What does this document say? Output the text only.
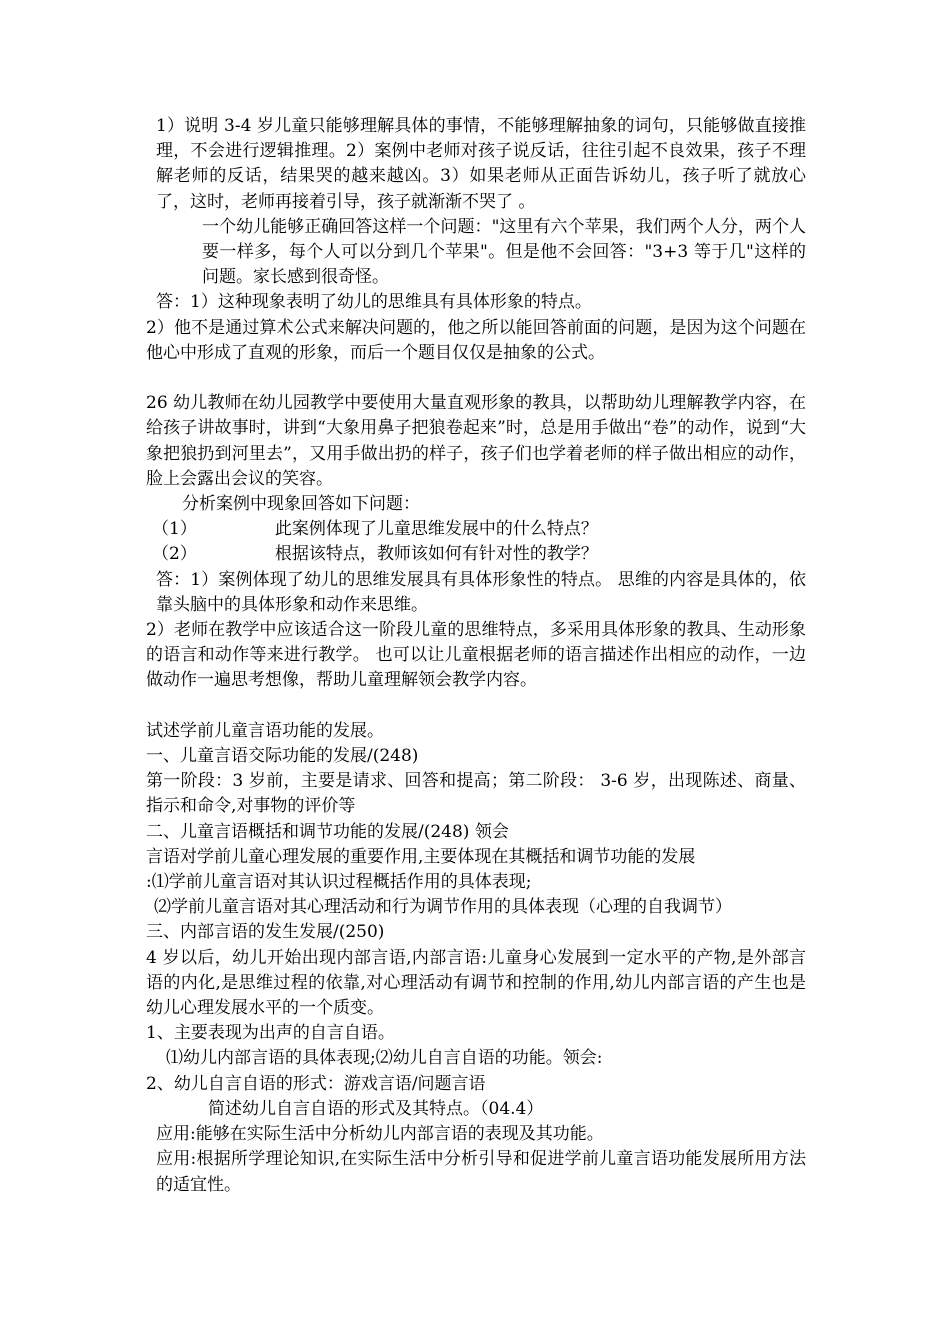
1）说明 3-4 岁儿童只能够理解具体的事情，不能够理解抽象的词句，只能够做直接推理，不会进行逻辑推理。2）案例中老师对孩子说反话，往往引起不良效果，孩子不理解老师的反话，结果哭的越来越凶。3）如果老师从正面告诉幼儿，孩子听了就放心了，这时，老师再接着引导，孩子就渐渐不哭了 。

一个幼儿能够正确回答这样一个问题："这里有六个苹果，我们两个人分，两个人要一样多，每个人可以分到几个苹果"。但是他不会回答："3+3 等于几"这样的问题。家长感到很奇怪。

答：1）这种现象表明了幼儿的思维具有具体形象的特点。

2）他不是通过算术公式来解决问题的，他之所以能回答前面的问题，是因为这个问题在他心中形成了直观的形象，而后一个题目仅仅是抽象的公式。

26 幼儿教师在幼儿园教学中要使用大量直观形象的教具，以帮助幼儿理解教学内容，在给孩子讲故事时，讲到“大象用鼻子把狼卷起来”时，总是用手做出“卷”的动作，说到“大象把狼扔到河里去”，又用手做出扔的样子，孩子们也学着老师的样子做出相应的动作，脸上会露出会议的笑容。

分析案例中现象回答如下问题：

（1）	此案例体现了儿童思维发展中的什么特点？

（2）	根据该特点，教师该如何有针对性的教学？

答：1）案例体现了幼儿的思维发展具有具体形象性的特点。 思维的内容是具体的，依靠头脑中的具体形象和动作来思维。

2）老师在教学中应该适合这一阶段儿童的思维特点，多采用具体形象的教具、生动形象的语言和动作等来进行教学。 也可以让儿童根据老师的语言描述作出相应的动作，一边做动作一遍思考想像，帮助儿童理解领会教学内容。

试述学前儿童言语功能的发展。

一、儿童言语交际功能的发展/(248)

第一阶段：3 岁前，主要是请求、回答和提高；第二阶段： 3-6 岁，出现陈述、商量、指示和命令,对事物的评价等

二、儿童言语概括和调节功能的发展/(248) 领会

言语对学前儿童心理发展的重要作用,主要体现在其概括和调节功能的发展

:⑴学前儿童言语对其认识过程概括作用的具体表现;

⑵学前儿童言语对其心理活动和行为调节作用的具体表现（心理的自我调节）

三、内部言语的发生发展/(250)

4 岁以后，幼儿开始出现内部言语,内部言语:儿童身心发展到一定水平的产物,是外部言语的内化,是思维过程的依靠,对心理活动有调节和控制的作用,幼儿内部言语的产生也是幼儿心理发展水平的一个质变。

1、主要表现为出声的自言自语。

⑴幼儿内部言语的具体表现;⑵幼儿自言自语的功能。领会:

2、幼儿自言自语的形式：游戏言语/问题言语

简述幼儿自言自语的形式及其特点。（04.4）

应用:能够在实际生活中分析幼儿内部言语的表现及其功能。

应用:根据所学理论知识,在实际生活中分析引导和促进学前儿童言语功能发展所用方法的适宜性。
